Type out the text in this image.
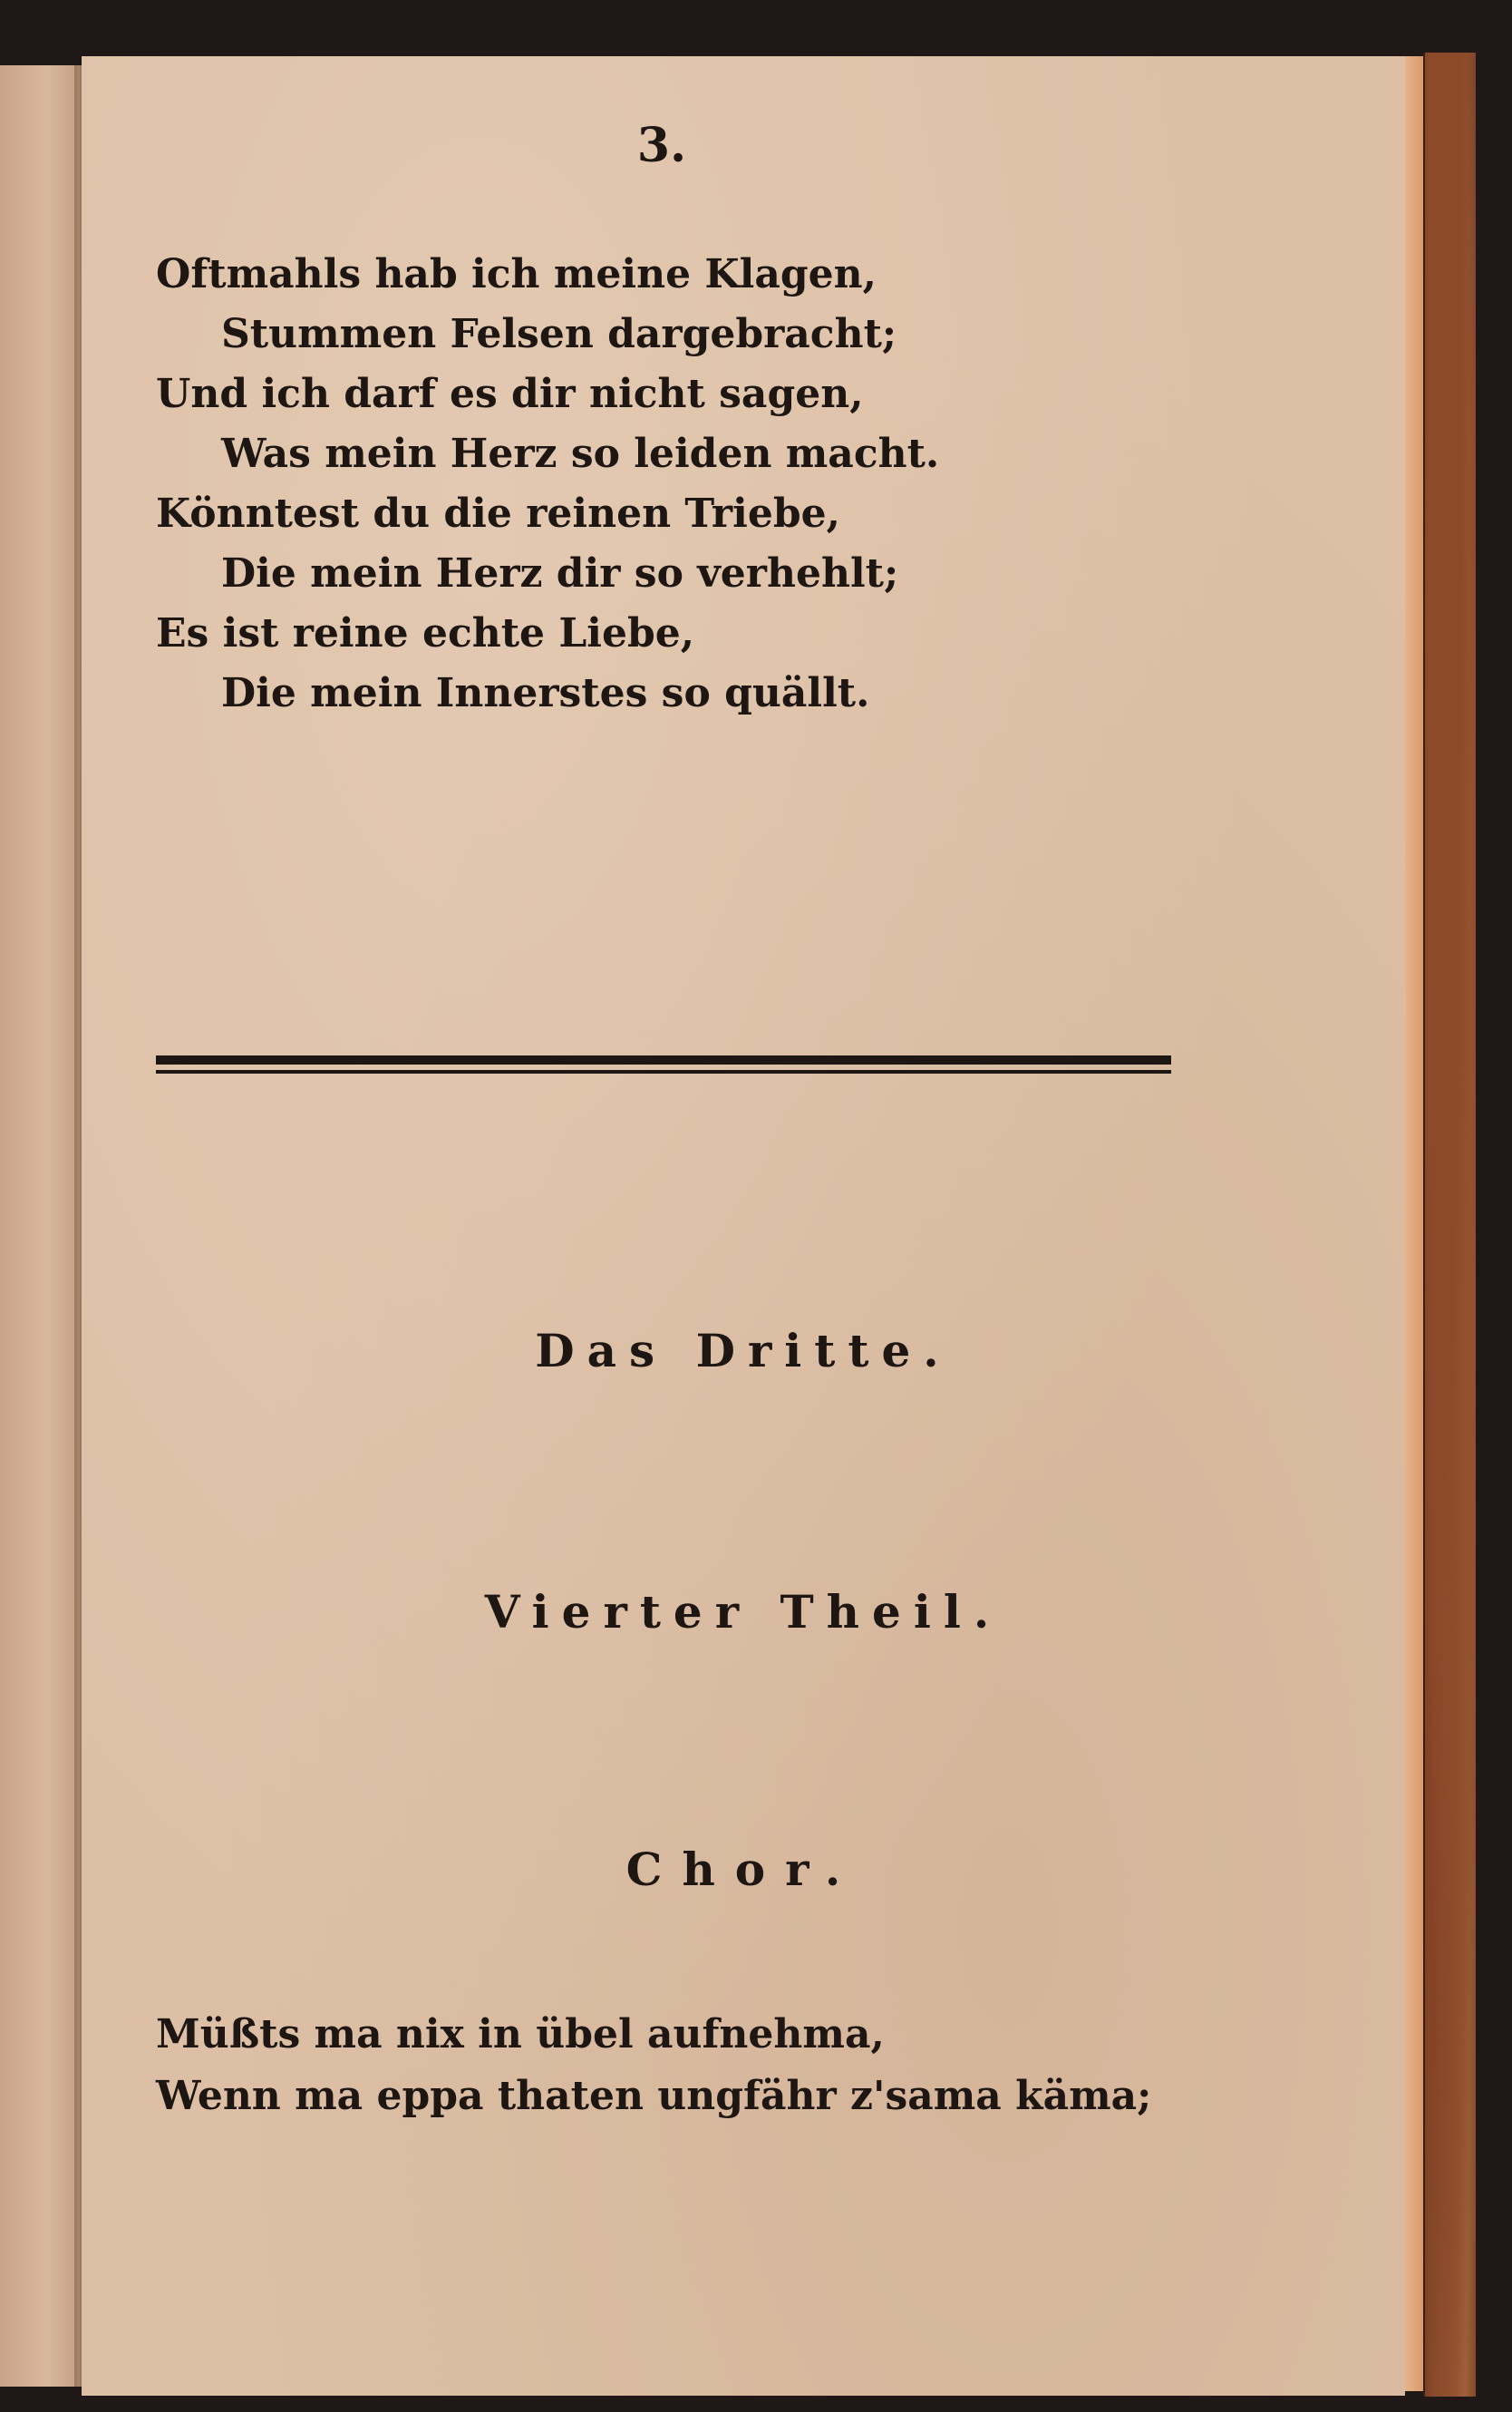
3.
Oftmahls hab ich meine Klagen,
Stummen Felsen dargebracht;
Und ich darf es dir nicht sagen,
Was mein Herz so leiden macht.
Könntest du die reinen Triebe,
Die mein Herz dir so verhehlt;
Es ist reine echte Liebe,
Die mein Innerstes so quällt.
Das Dritte.
Vierter Theil.
Chor.
Müßts ma nix in übel aufnehma,
Wenn ma eppa thaten ungfähr z'sama käma;
